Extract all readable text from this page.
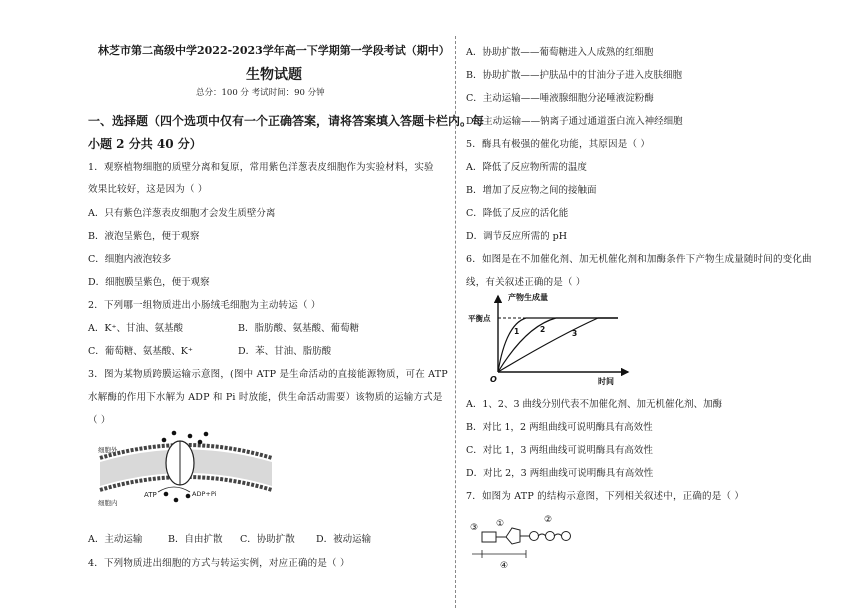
林芝市第二高级中学2022-2023学年高一下学期第一学段考试（期中）
生物试题
总分：100 分 考试时间：90 分钟
一、选择题（四个选项中仅有一个正确答案，请将答案填入答题卡栏内。每
小题 2 分共 40 分）
1．观察植物细胞的质壁分离和复原，常用紫色洋葱表皮细胞作为实验材料，实验
效果比较好，这是因为（ ）
A．只有紫色洋葱表皮细胞才会发生质壁分离
B．液泡呈紫色，便于观察
C．细胞内液泡较多
D．细胞膜呈紫色，便于观察
2．下列哪一组物质进出小肠绒毛细胞为主动转运（ ）
A．K⁺、甘油、氨基酸	B．脂肪酸、氨基酸、葡萄糖
C．葡萄糖、氨基酸、K⁺	D．苯、甘油、脂肪酸
3．图为某物质跨膜运输示意图，(图中 ATP 是生命活动的直接能源物质，可在 ATP
水解酶的作用下水解为 ADP 和 Pi 时放能，供生命活动需要）该物质的运输方式是
（ ）
细胞外
细胞内
ATP	ADP+Pi
A．主动运输	B．自由扩散 C．协助扩散 D．被动运输
4．下列物质进出细胞的方式与转运实例，对应正确的是（ ）
A．协助扩散——葡萄糖进入人成熟的红细胞
B．协助扩散——护肤品中的甘油分子进入皮肤细胞
C．主动运输——唾液腺细胞分泌唾液淀粉酶
D．主动运输——钠离子通过通道蛋白流入神经细胞
5．酶具有极强的催化功能，其原因是（ ）
A．降低了反应物所需的温度
B．增加了反应物之间的接触面
C．降低了反应的活化能
D．调节反应所需的 pH
6．如图是在不加催化剂、加无机催化剂和加酶条件下产物生成量随时间的变化曲
线，有关叙述正确的是（ ）
产物生成量
平衡点
O	时间
1	2	3
A．1、2、3 曲线分别代表不加催化剂、加无机催化剂、加酶
B．对比 1，2 两组曲线可说明酶具有高效性
C．对比 1，3 两组曲线可说明酶具有高效性
D．对比 2，3 两组曲线可说明酶具有高效性
7．如图为 ATP 的结构示意图，下列相关叙述中，正确的是（ ）
①	②
③
④
